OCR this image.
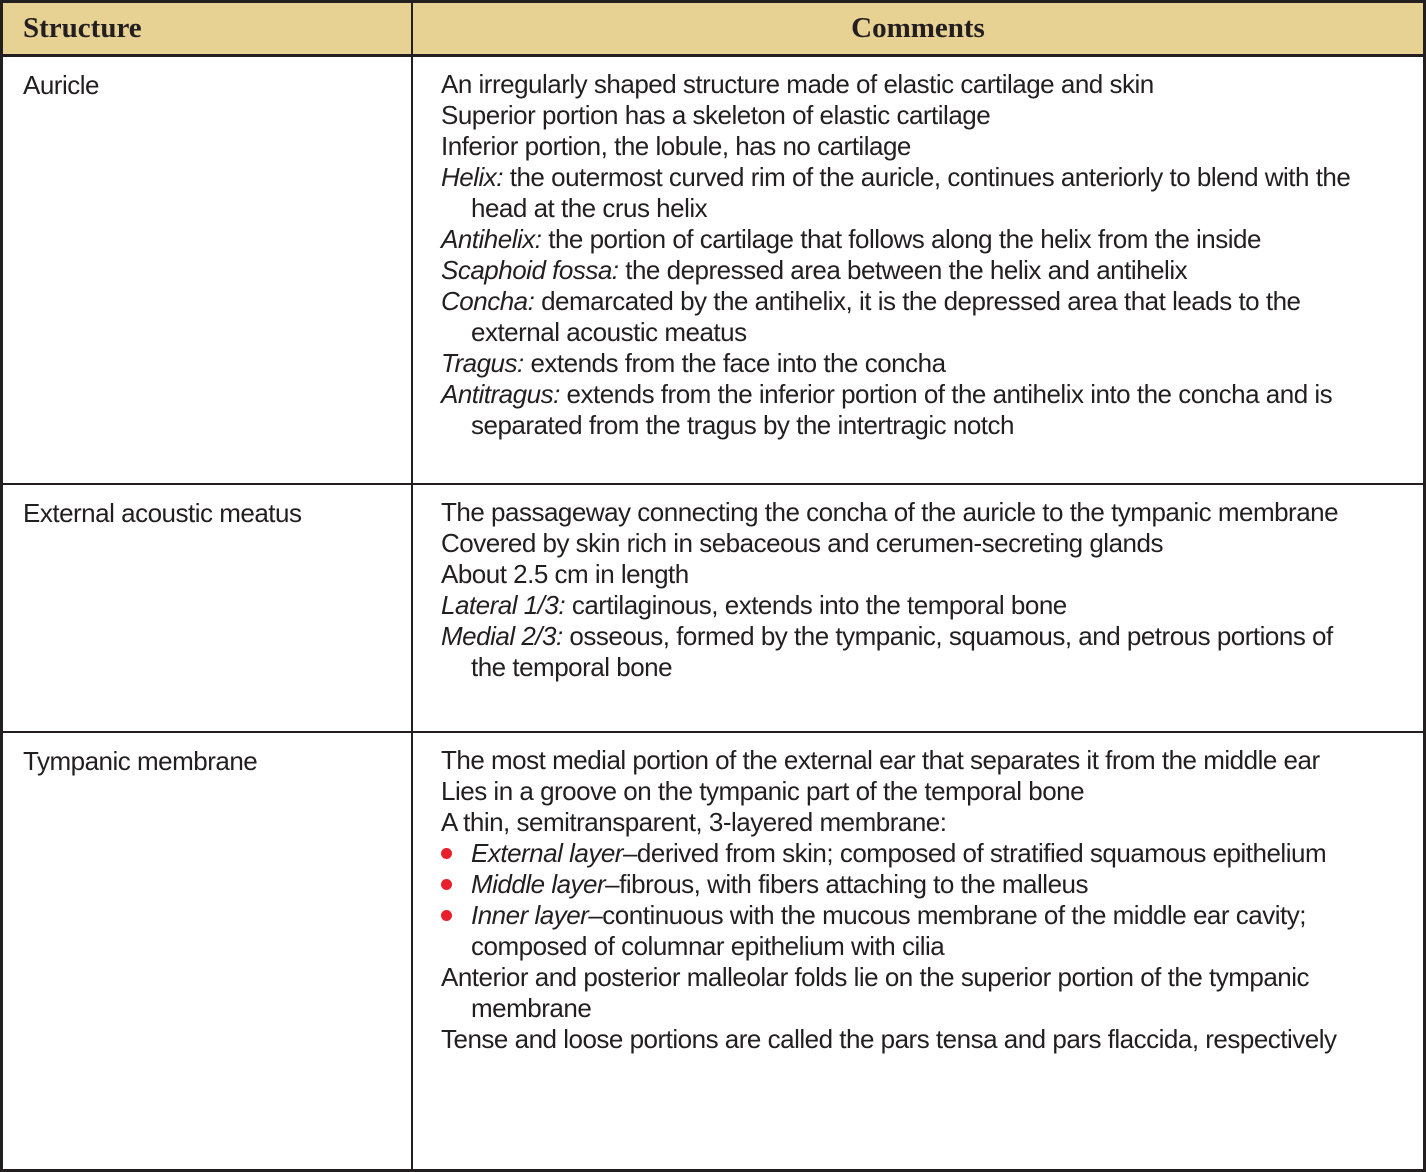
Structure	Comments
Auricle	An irregularly shaped structure made of elastic cartilage and skin
Superior portion has a skeleton of elastic cartilage
Inferior portion, the lobule, has no cartilage
Helix: the outermost curved rim of the auricle, continues anteriorly to blend with the head at the crus helix
Antihelix: the portion of cartilage that follows along the helix from the inside
Scaphoid fossa: the depressed area between the helix and antihelix
Concha: demarcated by the antihelix, it is the depressed area that leads to the external acoustic meatus
Tragus: extends from the face into the concha
Antitragus: extends from the inferior portion of the antihelix into the concha and is separated from the tragus by the intertragic notch
External acoustic meatus	The passageway connecting the concha of the auricle to the tympanic membrane
Covered by skin rich in sebaceous and cerumen-secreting glands
About 2.5 cm in length
Lateral 1/3: cartilaginous, extends into the temporal bone
Medial 2/3: osseous, formed by the tympanic, squamous, and petrous portions of the temporal bone
Tympanic membrane	The most medial portion of the external ear that separates it from the middle ear
Lies in a groove on the tympanic part of the temporal bone
A thin, semitransparent, 3-layered membrane:
External layer–derived from skin; composed of stratified squamous epithelium
Middle layer–fibrous, with fibers attaching to the malleus
Inner layer–continuous with the mucous membrane of the middle ear cavity; composed of columnar epithelium with cilia
Anterior and posterior malleolar folds lie on the superior portion of the tympanic membrane
Tense and loose portions are called the pars tensa and pars flaccida, respectively
